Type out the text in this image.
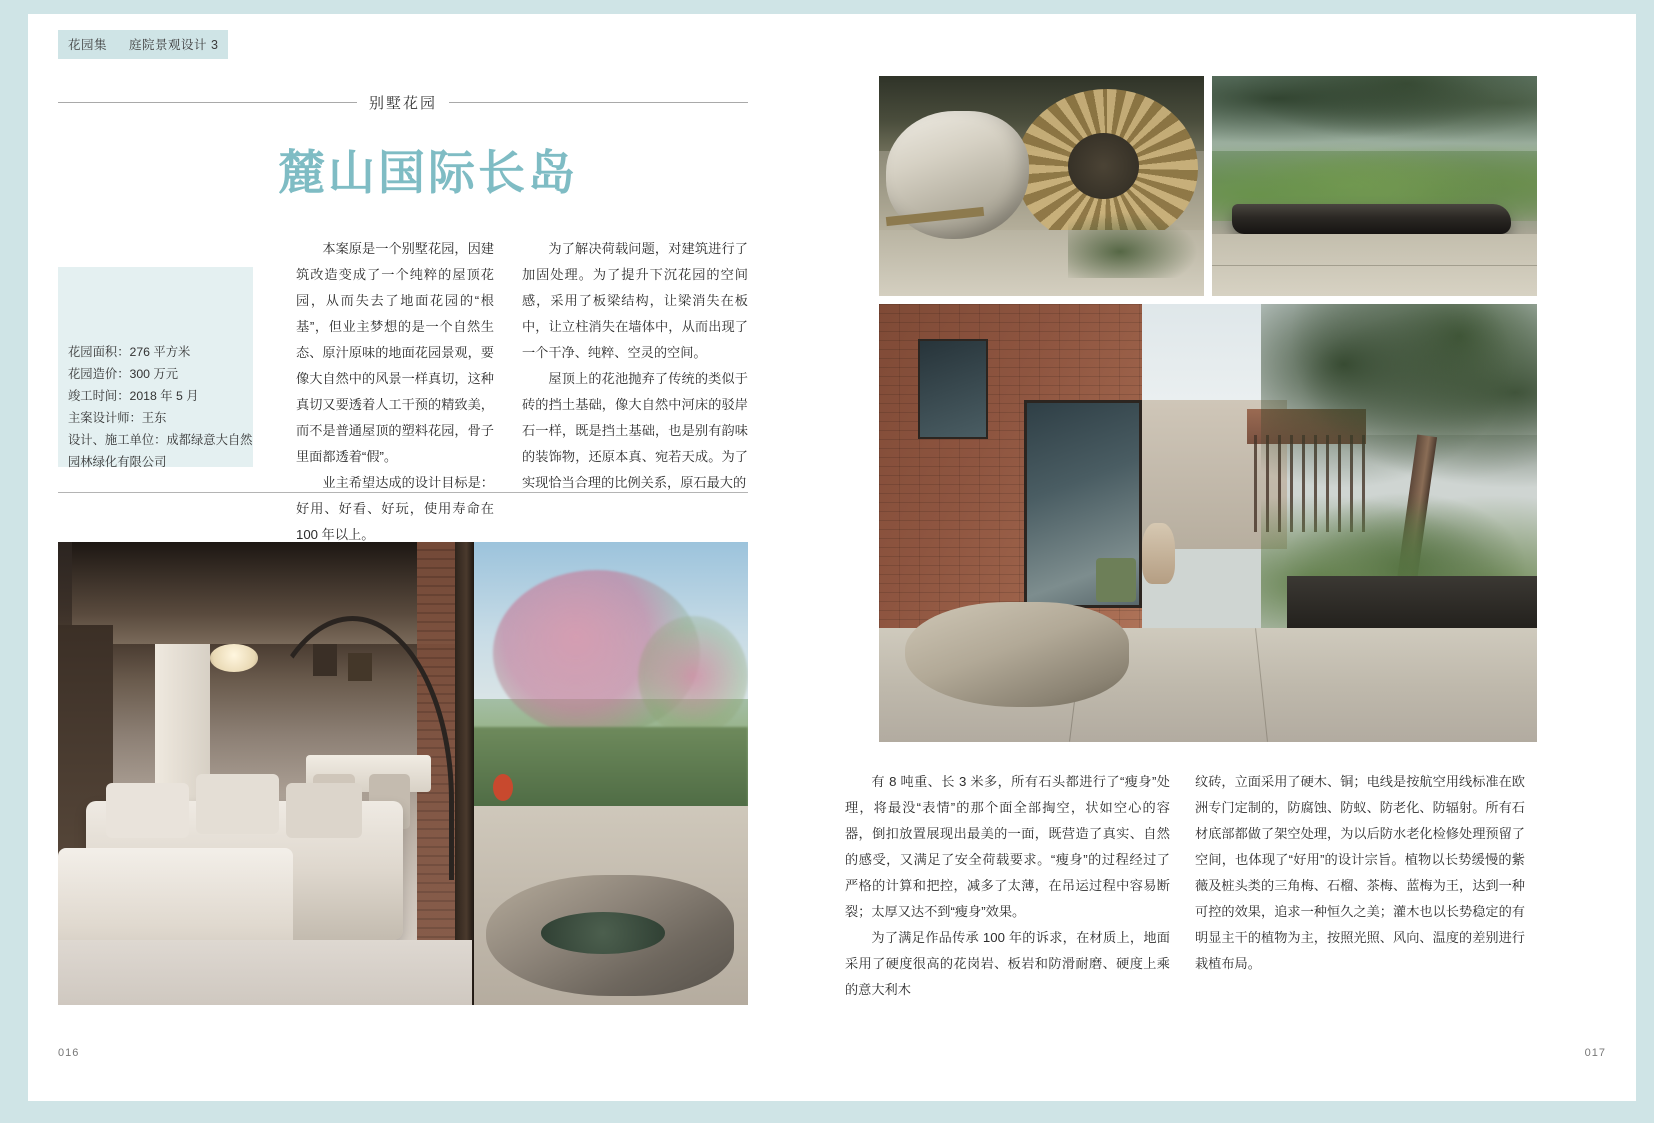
花园集 庭院景观设计 3
别墅花园
麓山国际长岛
花园面积：276 平方米
花园造价：300 万元
竣工时间：2018 年 5 月
主案设计师：王东
设计、施工单位：成都绿意大自然园林绿化有限公司

本案原是一个别墅花园，因建筑改造变成了一个纯粹的屋顶花园，从而失去了地面花园的“根基”，但业主梦想的是一个自然生态、原汁原味的地面花园景观，要像大自然中的风景一样真切，这种真切又要透着人工干预的精致美，而不是普通屋顶的塑料花园，骨子里面都透着“假”。

业主希望达成的设计目标是：好用、好看、好玩，使用寿命在 100 年以上。

为了解决荷载问题，对建筑进行了加固处理。为了提升下沉花园的空间感，采用了板梁结构，让梁消失在板中，让立柱消失在墙体中，从而出现了一个干净、纯粹、空灵的空间。

屋顶上的花池抛弃了传统的类似于砖的挡土基础，像大自然中河床的驳岸石一样，既是挡土基础，也是别有韵味的装饰物，还原本真、宛若天成。为了实现恰当合理的比例关系，原石最大的

有 8 吨重、长 3 米多，所有石头都进行了“瘦身”处理，将最没“表情”的那个面全部掏空，状如空心的容器，倒扣放置展现出最美的一面，既营造了真实、自然的感受，又满足了安全荷载要求。“瘦身”的过程经过了严格的计算和把控，减多了太薄，在吊运过程中容易断裂；太厚又达不到“瘦身”效果。

为了满足作品传承 100 年的诉求，在材质上，地面采用了硬度很高的花岗岩、板岩和防滑耐磨、硬度上乘的意大利木

纹砖，立面采用了硬木、铜；电线是按航空用线标准在欧洲专门定制的，防腐蚀、防蚁、防老化、防辐射。所有石材底部都做了架空处理，为以后防水老化检修处理预留了空间，也体现了“好用”的设计宗旨。植物以长势缓慢的紫薇及桩头类的三角梅、石榴、茶梅、蓝梅为王，达到一种可控的效果，追求一种恒久之美；灌木也以长势稳定的有明显主干的植物为主，按照光照、风向、温度的差别进行栽植布局。

016	017
